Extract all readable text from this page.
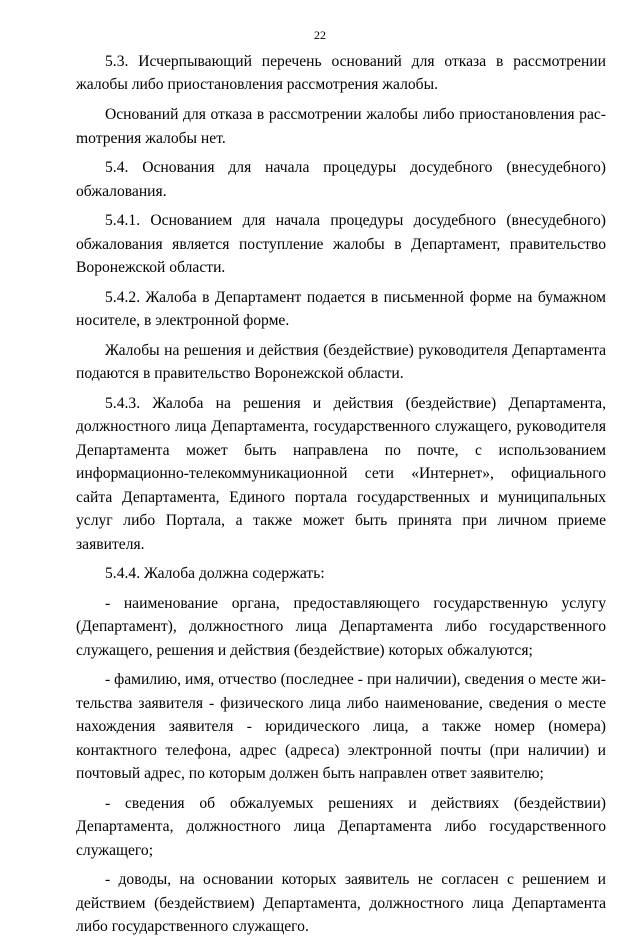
22

5.3. Исчерпывающий перечень оснований для отказа в рассмотрении жалобы либо приостановления рассмотрения жалобы.

Оснований для отказа в рассмотрении жалобы либо приостановления расmотрения жалобы нет.

5.4. Основания для начала процедуры досудебного (внесудебного) обжалования.

5.4.1. Основанием для начала процедуры досудебного (внесудебного) обжалования является поступление жалобы в Департамент, правительство Воронежской области.

5.4.2. Жалоба в Департамент подается в письменной форме на бумажном носителе, в электронной форме.

Жалобы на решения и действия (бездействие) руководителя Департамента подаются в правительство Воронежской области.

5.4.3. Жалоба на решения и действия (бездействие) Департамента, должностного лица Департамента, государственного служащего, руководителя Департамента может быть направлена по почте, с использованием информационно-телекоммуникационной сети «Интернет», официального сайта Департамента, Единого портала государственных и муниципальных услуг либо Портала, а также может быть принята при личном приеме заявителя.

5.4.4. Жалоба должна содержать:

- наименование органа, предоставляющего государственную услугу (Департамент), должностного лица Департамента либо государственного служащего, решения и действия (бездействие) которых обжалуются;

- фамилию, имя, отчество (последнее - при наличии), сведения о месте жительства заявителя - физического лица либо наименование, сведения о месте нахождения заявителя - юридического лица, а также номер (номера) контактного телефона, адрес (адреса) электронной почты (при наличии) и почтовый адрес, по которым должен быть направлен ответ заявителю;

- сведения об обжалуемых решениях и действиях (бездействии) Департамента, должностного лица Департамента либо государственного служащего;

- доводы, на основании которых заявитель не согласен с решением и действием (бездействием) Департамента, должностного лица Департамента либо государственного служащего.
